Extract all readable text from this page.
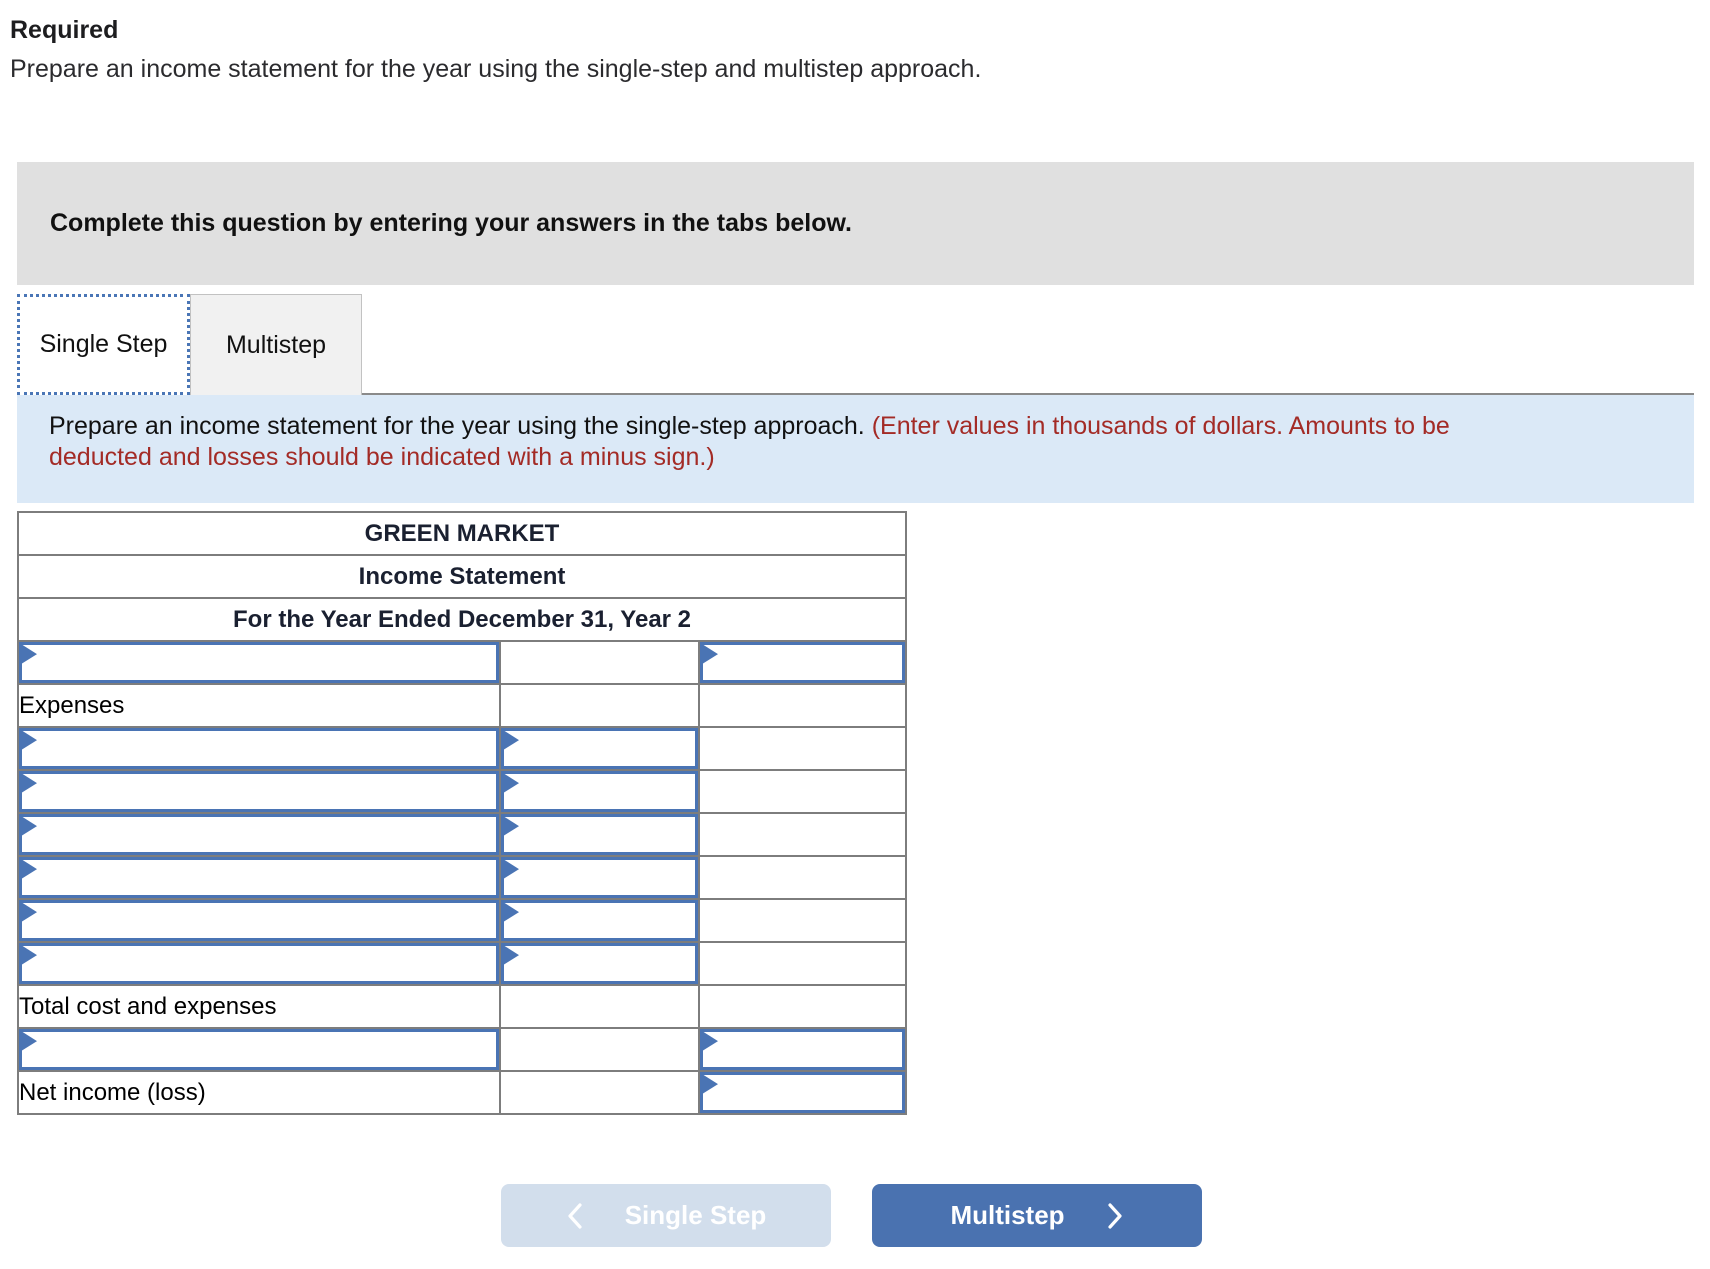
Required
Prepare an income statement for the year using the single-step and multistep approach.
Complete this question by entering your answers in the tabs below.
Single Step Multistep
Prepare an income statement for the year using the single-step approach. (Enter values in thousands of dollars. Amounts to be deducted and losses should be indicated with a minus sign.)
GREEN MARKET		
Income Statement		
For the Year Ended December 31, Year 2		

Expenses		

Total cost and expenses		

Net income (loss)		
Single Step	Multistep
